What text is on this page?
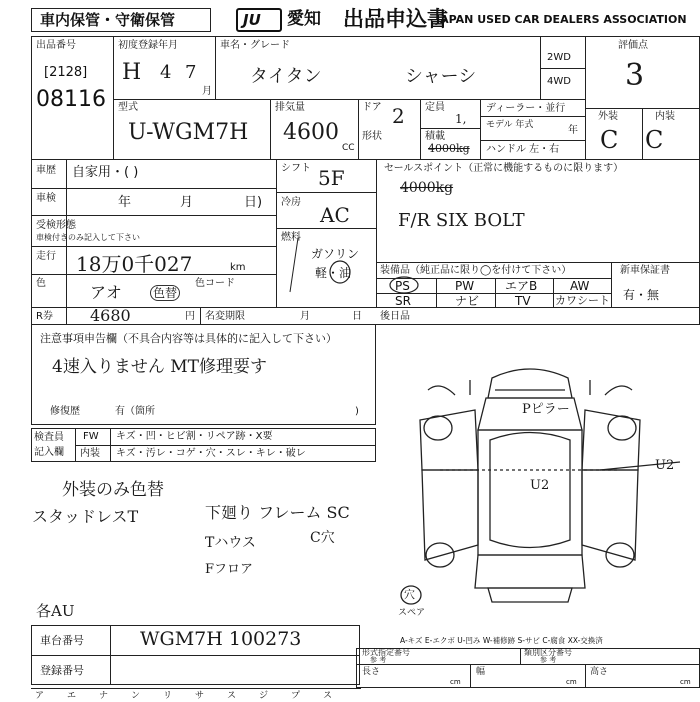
車内保管・守衛保管	JU 愛知 出品申込書
JAPAN USED CAR DEALERS ASSOCIATION
出品番号
[2128]
08116
初度登録年月
H 4 7
月
車名・グレード
タイタン	シャーシ
2WD
4WD
評価点
3
外装	内装
C C
型式
U-WGM7H
排気量
4600
CC
ドア 2
形状
定員
1,
積載
4000kg
ディーラー・並行
モデル 年式	年
ハンドル 左・右
車歴 自家用・( )
車検	年	月	日)
受検形態
車検付きのみ記入して下さい
走行 18万0千027	km
色	アオ	色替
色コード
シフト 5F
冷房
AC
燃料
ガソリン
軽・油
R券 4680	円 名変期限	月	日
セールスポイント（正常に機能するものに限ります）
4000kg
F/R SIX BOLT
装備品（純正品に限り◯を付けて下さい）	新車保証書
有・無
PS	PW	エアB	AW
SR	ナビ	TV カワシート
後日品
注意事項申告欄（不具合内容等は具体的に記入して下さい）
4速入りません MT修理要す
修復歴	有（箇所	)
検査員
記入欄
FW キズ・凹・ヒビ割・リペア跡・X要
内装 キズ・汚レ・コゲ・穴・スレ・キレ・破レ
外装のみ色替
スタッドレスT	下廻り フレーム SC
Tハウス	C穴
Fフロア
各AU
Pピラー
U2
U2
穴
スペア
車台番号	WGM7H 100273
登録番号
A-キズ E-エクボ U-凹み W-補修跡 S-サビ C-腐食 XX-交換済
形式指定番号
参 考
類別区分番号
参 考
長さ
cm
幅
cm
高さ
cm
ア	エ	ナ	ン	リ	サ	ス	ジ	プ	ス
